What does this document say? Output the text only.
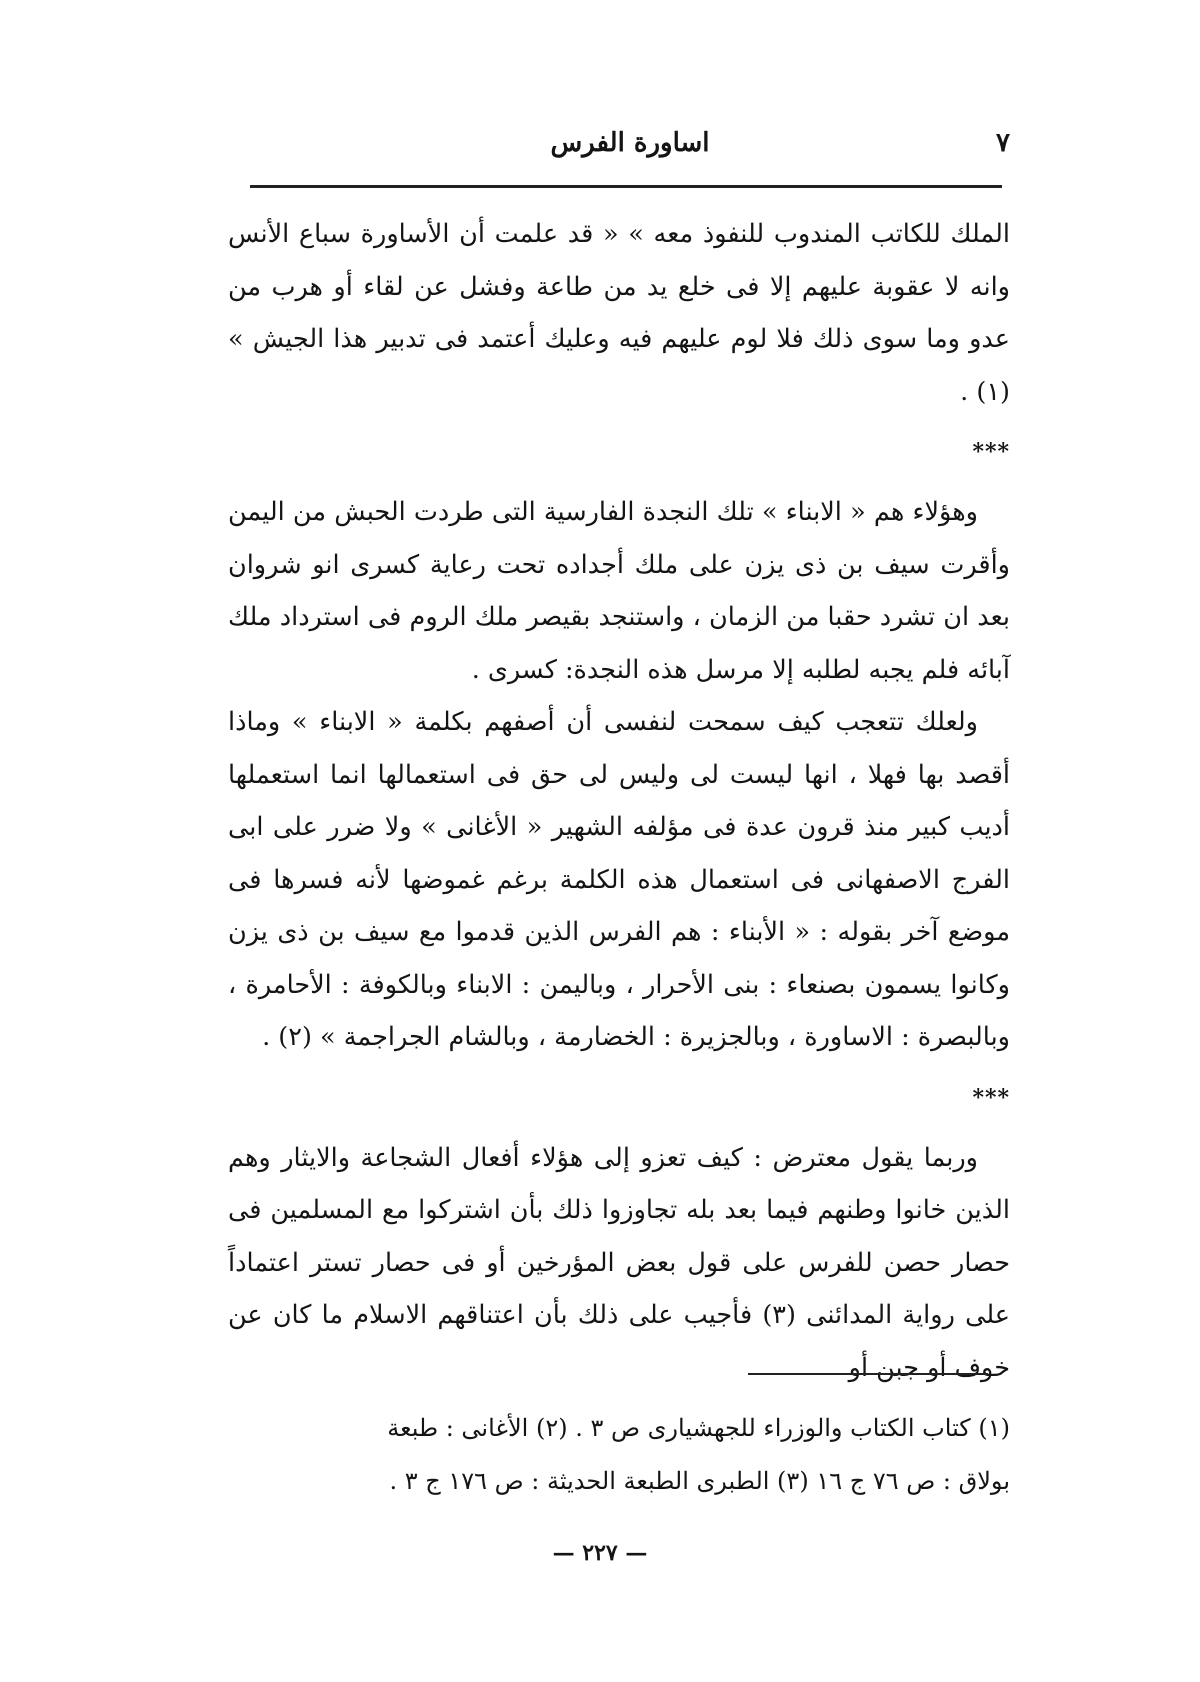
٧
اساورة الفرس

الملك للكاتب المندوب للنفوذ معه » « قد علمت أن الأساورة سباع الأنس وانه لا عقوبة عليهم إلا فى خلع يد من طاعة وفشل عن لقاء أو هرب من عدو وما سوى ذلك فلا لوم عليهم فيه وعليك أعتمد فى تدبير هذا الجيش » (١) .

***

وهؤلاء هم « الابناء » تلك النجدة الفارسية التى طردت الحبش من اليمن وأقرت سيف بن ذى يزن على ملك أجداده تحت رعاية كسرى انو شروان بعد ان تشرد حقبا من الزمان ، واستنجد بقيصر ملك الروم فى استرداد ملك آبائه فلم يجبه لطلبه إلا مرسل هذه النجدة: كسرى .

ولعلك تتعجب كيف سمحت لنفسى أن أصفهم بكلمة « الابناء » وماذا أقصد بها فهلا ، انها ليست لى وليس لى حق فى استعمالها انما استعملها أديب كبير منذ قرون عدة فى مؤلفه الشهير « الأغانى » ولا ضرر على ابى الفرج الاصفهانى فى استعمال هذه الكلمة برغم غموضها لأنه فسرها فى موضع آخر بقوله : « الأبناء : هم الفرس الذين قدموا مع سيف بن ذى يزن وكانوا يسمون بصنعاء : بنى الأحرار ، وباليمن : الابناء وبالكوفة : الأحامرة ، وبالبصرة : الاساورة ، وبالجزيرة : الخضارمة ، وبالشام الجراجمة » (٢) .

***

وربما يقول معترض : كيف تعزو إلى هؤلاء أفعال الشجاعة والايثار وهم الذين خانوا وطنهم فيما بعد بله تجاوزوا ذلك بأن اشتركوا مع المسلمين فى حصار حصن للفرس على قول بعض المؤرخين أو فى حصار تستر اعتماداً على رواية المدائنى (٣) فأجيب على ذلك بأن اعتناقهم الاسلام ما كان عن خوف أو جبن أو

(١) كتاب الكتاب والوزراء للجهشيارى ص ٣ . (٢) الأغانى : طبعة

بولاق : ص ٧٦ ج ١٦ (٣) الطبرى الطبعة الحديثة : ص ١٧٦ ج ٣ .

— ٢٢٧ —
